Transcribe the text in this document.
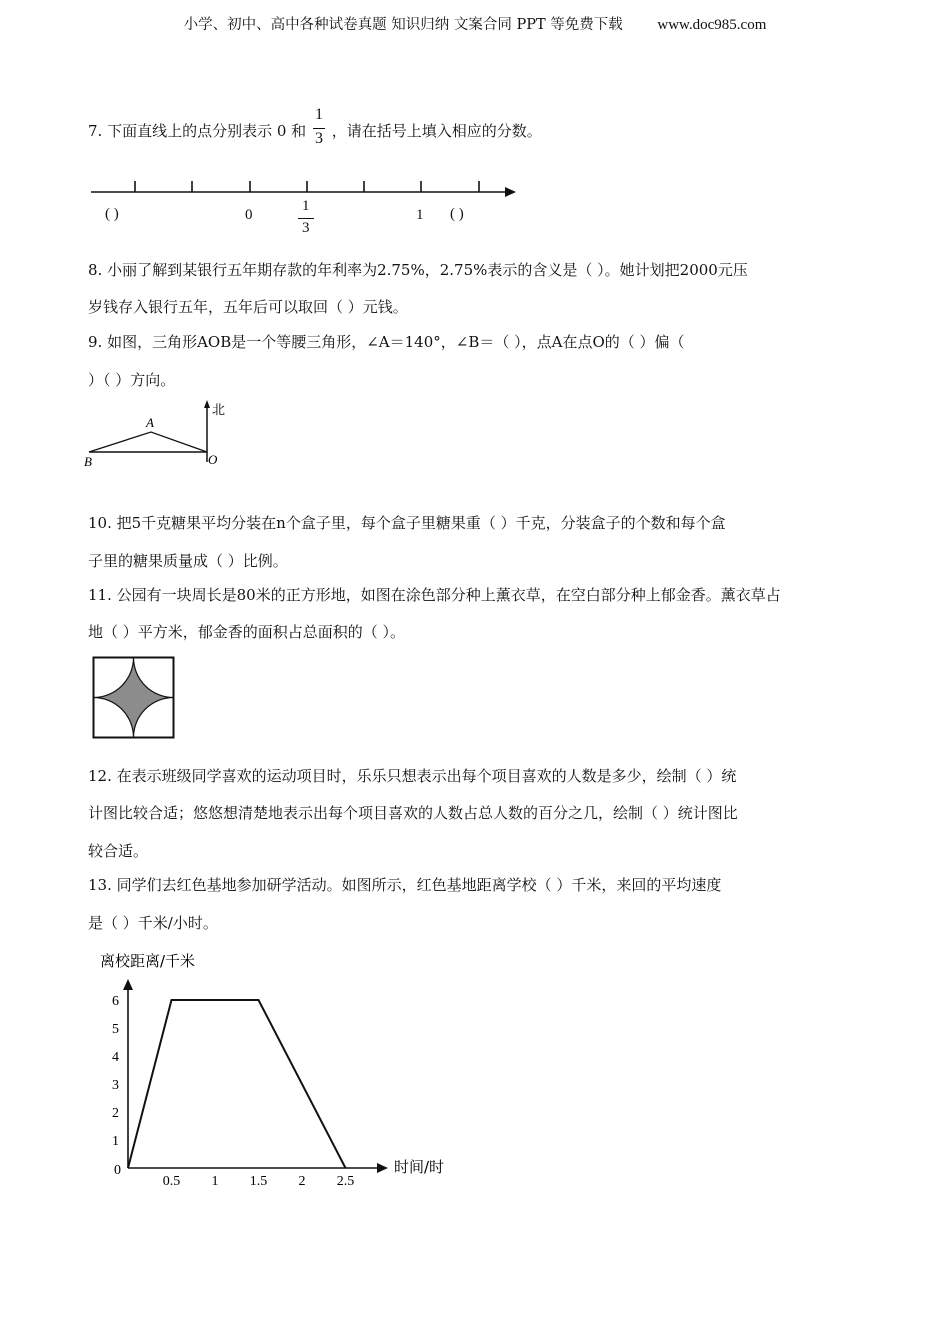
小学、初中、高中各种试卷真题 知识归纳 文案合同 PPT 等免费下载 www.doc985.com
7. 下面直线上的点分别表示 0 和
$\frac{1}{3}$
，请在括号上填入相应的分数。
( )	0
1
3
1 ( )
8. 小丽了解到某银行五年期存款的年利率为2.75%，2.75%表示的含义是（ ）。她计划把2000元压
岁钱存入银行五年，五年后可以取回（ ）元钱。
9. 如图，三角形AOB是一个等腰三角形，∠A＝140°，∠B＝（ ），点A在点O的（ ）偏（
）（ ）方向。
北
A
B	O
10. 把5千克糖果平均分装在n个盒子里，每个盒子里糖果重（ ）千克，分装盒子的个数和每个盒
子里的糖果质量成（ ）比例。
11. 公园有一块周长是80米的正方形地，如图在涂色部分种上薰衣草，在空白部分种上郁金香。薰衣草占
地（ ）平方米，郁金香的面积占总面积的（ ）。
12. 在表示班级同学喜欢的运动项目时，乐乐只想表示出每个项目喜欢的人数是多少，绘制（ ）统
计图比较合适；悠悠想清楚地表示出每个项目喜欢的人数占总人数的百分之几，绘制（ ）统计图比
较合适。
13. 同学们去红色基地参加研学活动。如图所示，红色基地距离学校（ ）千米，来回的平均速度
是（ ）千米/小时。
离校距离/千米
时间/时
0
0.5 1 1.5 2 2.5
1
2
3
4
5
6
